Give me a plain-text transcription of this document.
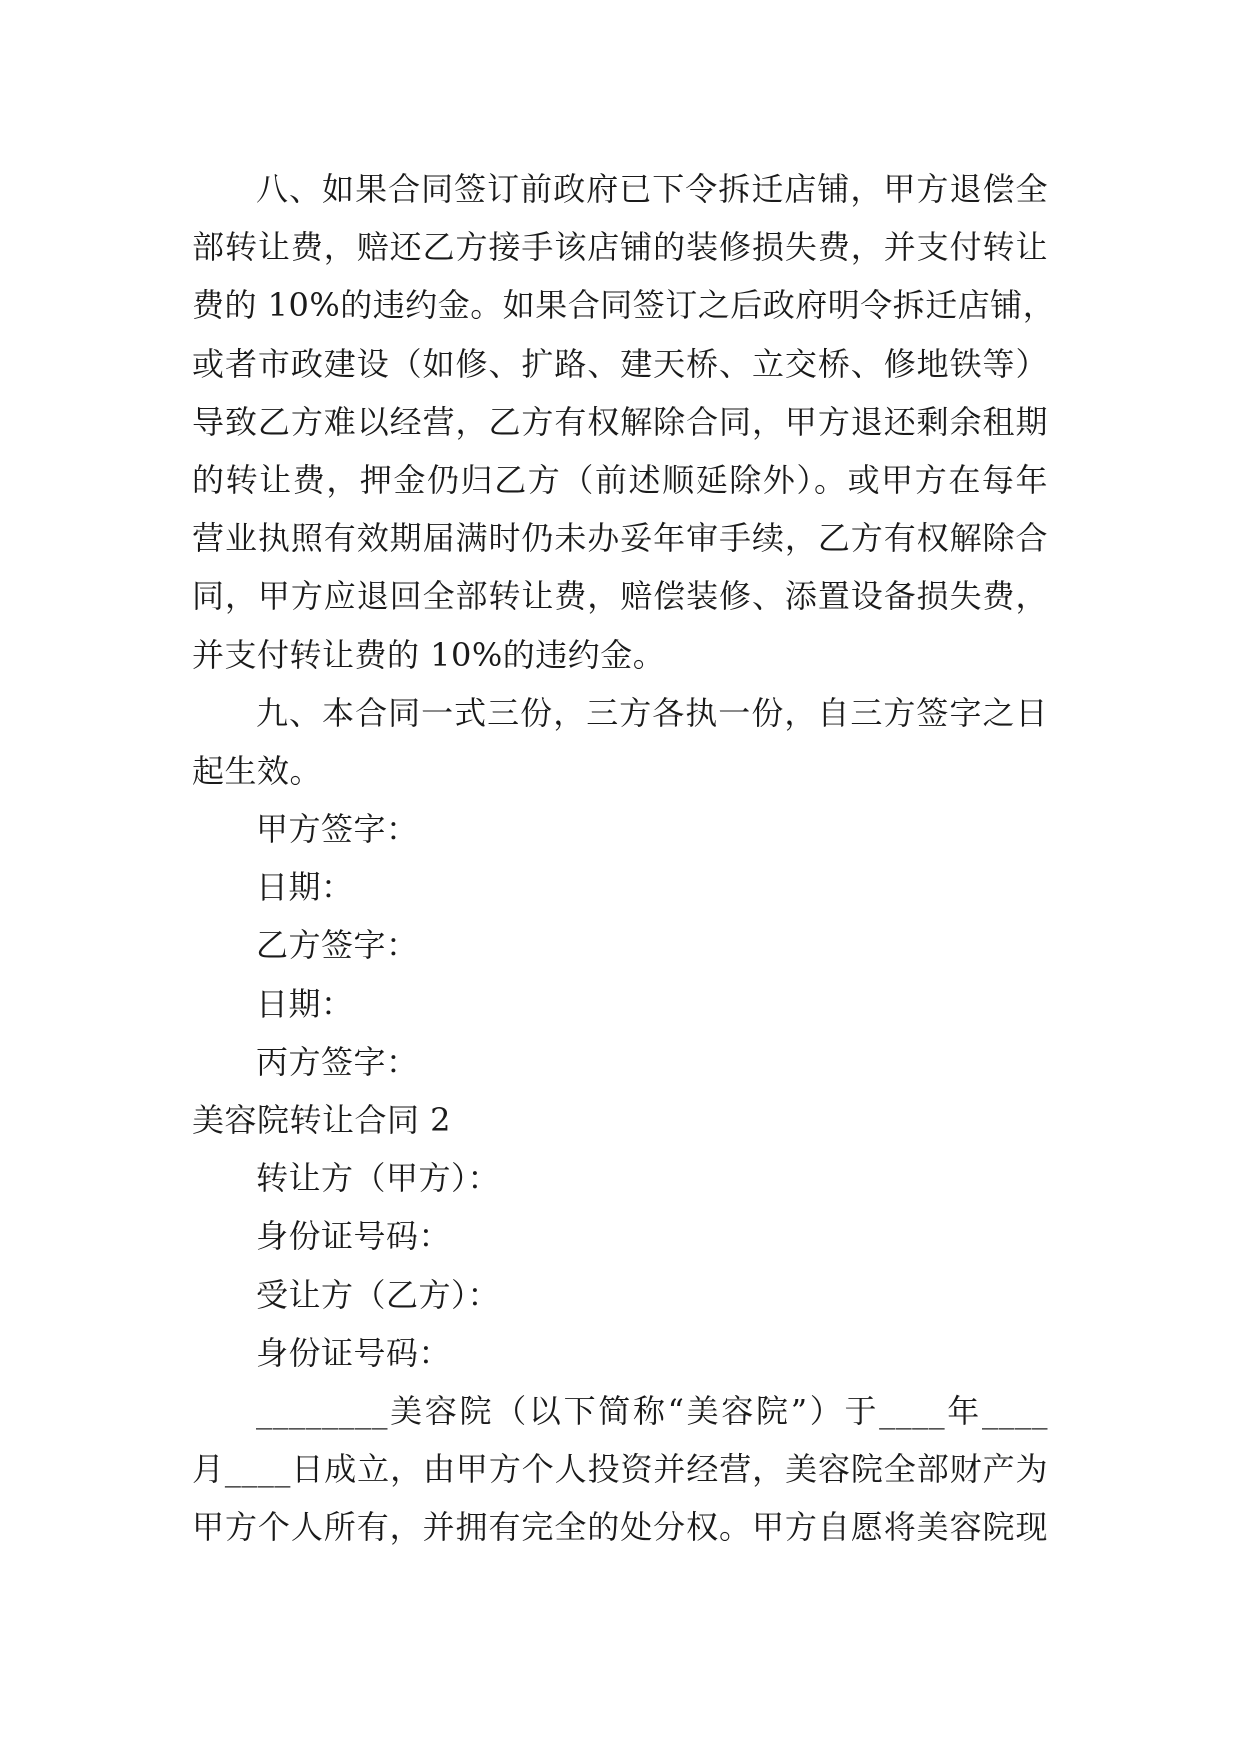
八、如果合同签订前政府已下令拆迁店铺，甲方退偿全
部转让费，赔还乙方接手该店铺的装修损失费，并支付转让
费的 10%的违约金。如果合同签订之后政府明令拆迁店铺，
或者市政建设（如修、扩路、建天桥、立交桥、修地铁等）
导致乙方难以经营，乙方有权解除合同，甲方退还剩余租期
的转让费，押金仍归乙方（前述顺延除外）。或甲方在每年
营业执照有效期届满时仍未办妥年审手续，乙方有权解除合
同，甲方应退回全部转让费，赔偿装修、添置设备损失费，
并支付转让费的 10%的违约金。
九、本合同一式三份，三方各执一份，自三方签字之日
起生效。
甲方签字：
日期：
乙方签字：
日期：
丙方签字：
美容院转让合同 2
转让方（甲方）：
身份证号码：
受让方（乙方）：
身份证号码：
________美容院（以下简称“美容院”）于____年____
月____日成立，由甲方个人投资并经营，美容院全部财产为
甲方个人所有，并拥有完全的处分权。甲方自愿将美容院现
